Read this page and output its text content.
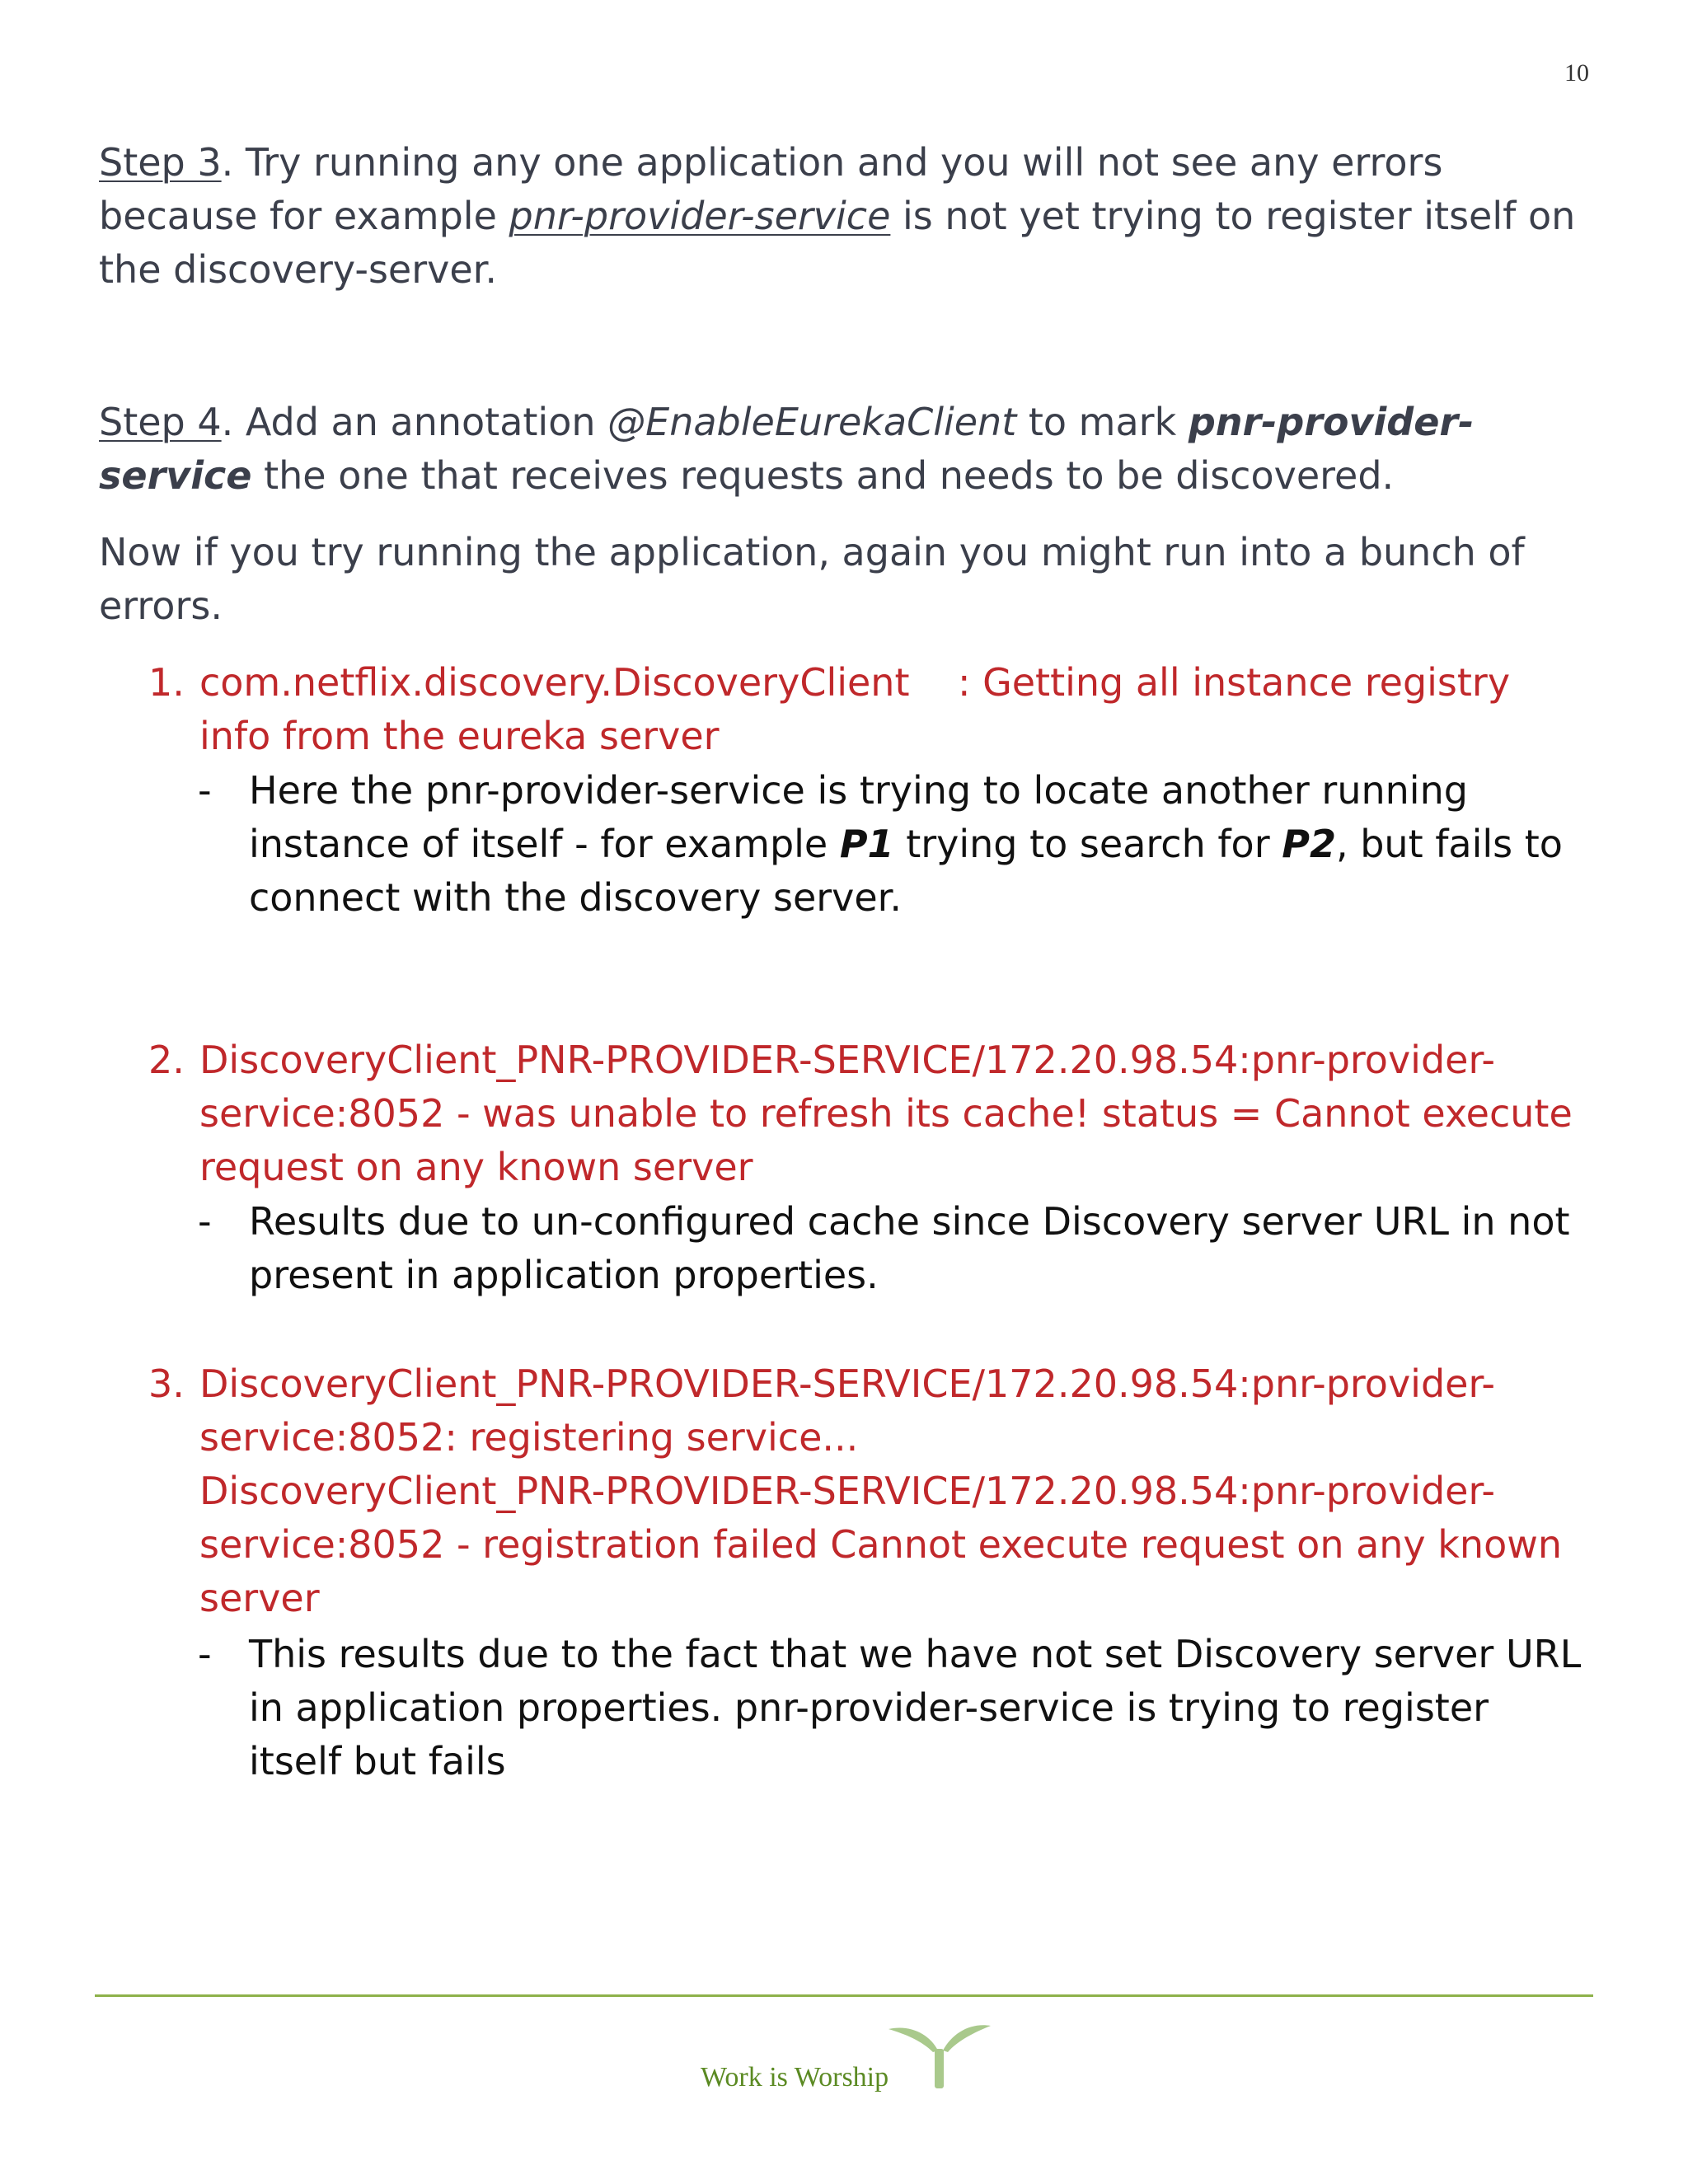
10
Step 3. Try running any one application and you will not see any errors because for example pnr-provider-service is not yet trying to register itself on the discovery-server.
Step 4. Add an annotation @EnableEurekaClient to mark pnr-provider-service the one that receives requests and needs to be discovered.
Now if you try running the application, again you might run into a bunch of errors.
1. com.netflix.discovery.DiscoveryClient    : Getting all instance registry info from the eureka server
- Here the pnr-provider-service is trying to locate another running instance of itself - for example P1 trying to search for P2, but fails to connect with the discovery server.
2. DiscoveryClient_PNR-PROVIDER-SERVICE/172.20.98.54:pnr-provider-service:8052 - was unable to refresh its cache! status = Cannot execute request on any known server
- Results due to un-configured cache since Discovery server URL in not present in application properties.
3. DiscoveryClient_PNR-PROVIDER-SERVICE/172.20.98.54:pnr-provider-service:8052: registering service...
DiscoveryClient_PNR-PROVIDER-SERVICE/172.20.98.54:pnr-provider-service:8052 - registration failed Cannot execute request on any known server
- This results due to the fact that we have not set Discovery server URL in application properties. pnr-provider-service is trying to register itself but fails
Work is Worship
